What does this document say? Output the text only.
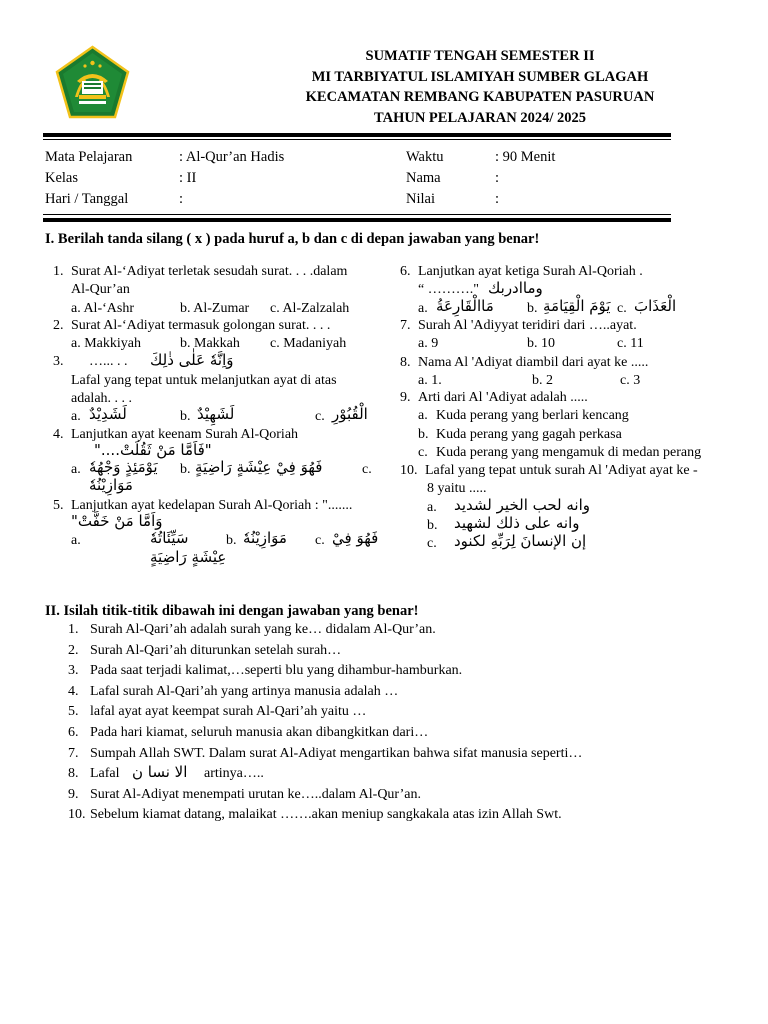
SUMATIF TENGAH SEMESTER II
MI TARBIYATUL ISLAMIYAH SUMBER GLAGAH
KECAMATAN REMBANG KABUPATEN PASURUAN
TAHUN PELAJARAN 2024/ 2025
Mata Pelajaran	: Al-Qur’an Hadis	Waktu	: 90 Menit
Kelas	: II	Nama	:
Hari / Tanggal	:	Nilai	:
I. Berilah tanda silang ( x ) pada huruf a, b dan c di depan jawaban yang benar!
1. Surat Al-‘Adiyat terletak sesudah surat. . . .dalam
Al-Qur’an
a. Al-‘Ashr	b. Al-Zumar c. Al-Zalzalah
2. Surat Al-‘Adiyat termasuk golongan surat. . . .
a. Makkiyah	b. Makkah c. Madaniyah
3. …... . . وَاِنَّهٗ عَلٰى ذٰلِكَ
Lafal yang tepat untuk melanjutkan ayat di atas
adalah. . . .
a. لَشَدِيْدٌ	b. لَشَهِيْدٌ	c. الْقُبُوْرِ
4. Lanjutkan ayat keenam Surah Al-Qoriah
"فَاَمَّا مَنْ ثَقُلَتْ...."
a. يَوْمَئِذٍ وَجْهُهٗ b. فَهُوَ فِيْ عِيْشَةٍ رَاضِيَةٍ	c.
مَوَازِيْنُهٗ
5. Lanjutkan ayat kedelapan Surah Al-Qoriah : ".......
وَاَمَّا مَنْ خَفَّتْ"
a.	سَيِّئَاتُهٗ	b. مَوَازِيْنُهٗ c. فَهُوَ فِيْ
عِيْشَةٍ رَاضِيَةٍ
6. Lanjutkan ayat ketiga Surah Al-Qoriah .
“ ………." وماادربك
a. مَاالْقَارِعَةُ b. يَوْمَ الْقِيَامَةِ c. الْعَذَابَ
7. Surah Al 'Adiyyat teridiri dari …..ayat.
a. 9	b. 10	c. 11
8. Nama Al 'Adiyat diambil dari ayat ke .....
a. 1.	b. 2	c. 3
9. Arti dari Al 'Adiyat adalah .....
a. Kuda perang yang berlari kencang
b. Kuda perang yang gagah perkasa
c. Kuda perang yang mengamuk di medan perang
10. Lafal yang tepat untuk surah Al 'Adiyat ayat ke -
8 yaitu .....
a. وانه لحب الخير لشديد
b. وانه على ذلك لشهيد
c. إن الإنسانَ لِرَبِّهِ لكنود
II. Isilah titik-titik dibawah ini dengan jawaban yang benar!
1. Surah Al-Qari’ah adalah surah yang ke… didalam Al-Qur’an.
2. Surah Al-Qari’ah diturunkan setelah surah…
3. Pada saat terjadi kalimat,…seperti blu yang dihambur-hamburkan.
4. Lafal surah Al-Qari’ah yang artinya manusia adalah …
5. lafal ayat ayat keempat surah Al-Qari’ah yaitu …
6. Pada hari kiamat, seluruh manusia akan dibangkitkan dari…
7. Sumpah Allah SWT. Dalam surat Al-Adiyat mengartikan bahwa sifat manusia seperti…
8. Lafal الا نسا ن artinya…..
9. Surat Al-Adiyat menempati urutan ke…..dalam Al-Qur’an.
10. Sebelum kiamat datang, malaikat …….akan meniup sangkakala atas izin Allah Swt.
